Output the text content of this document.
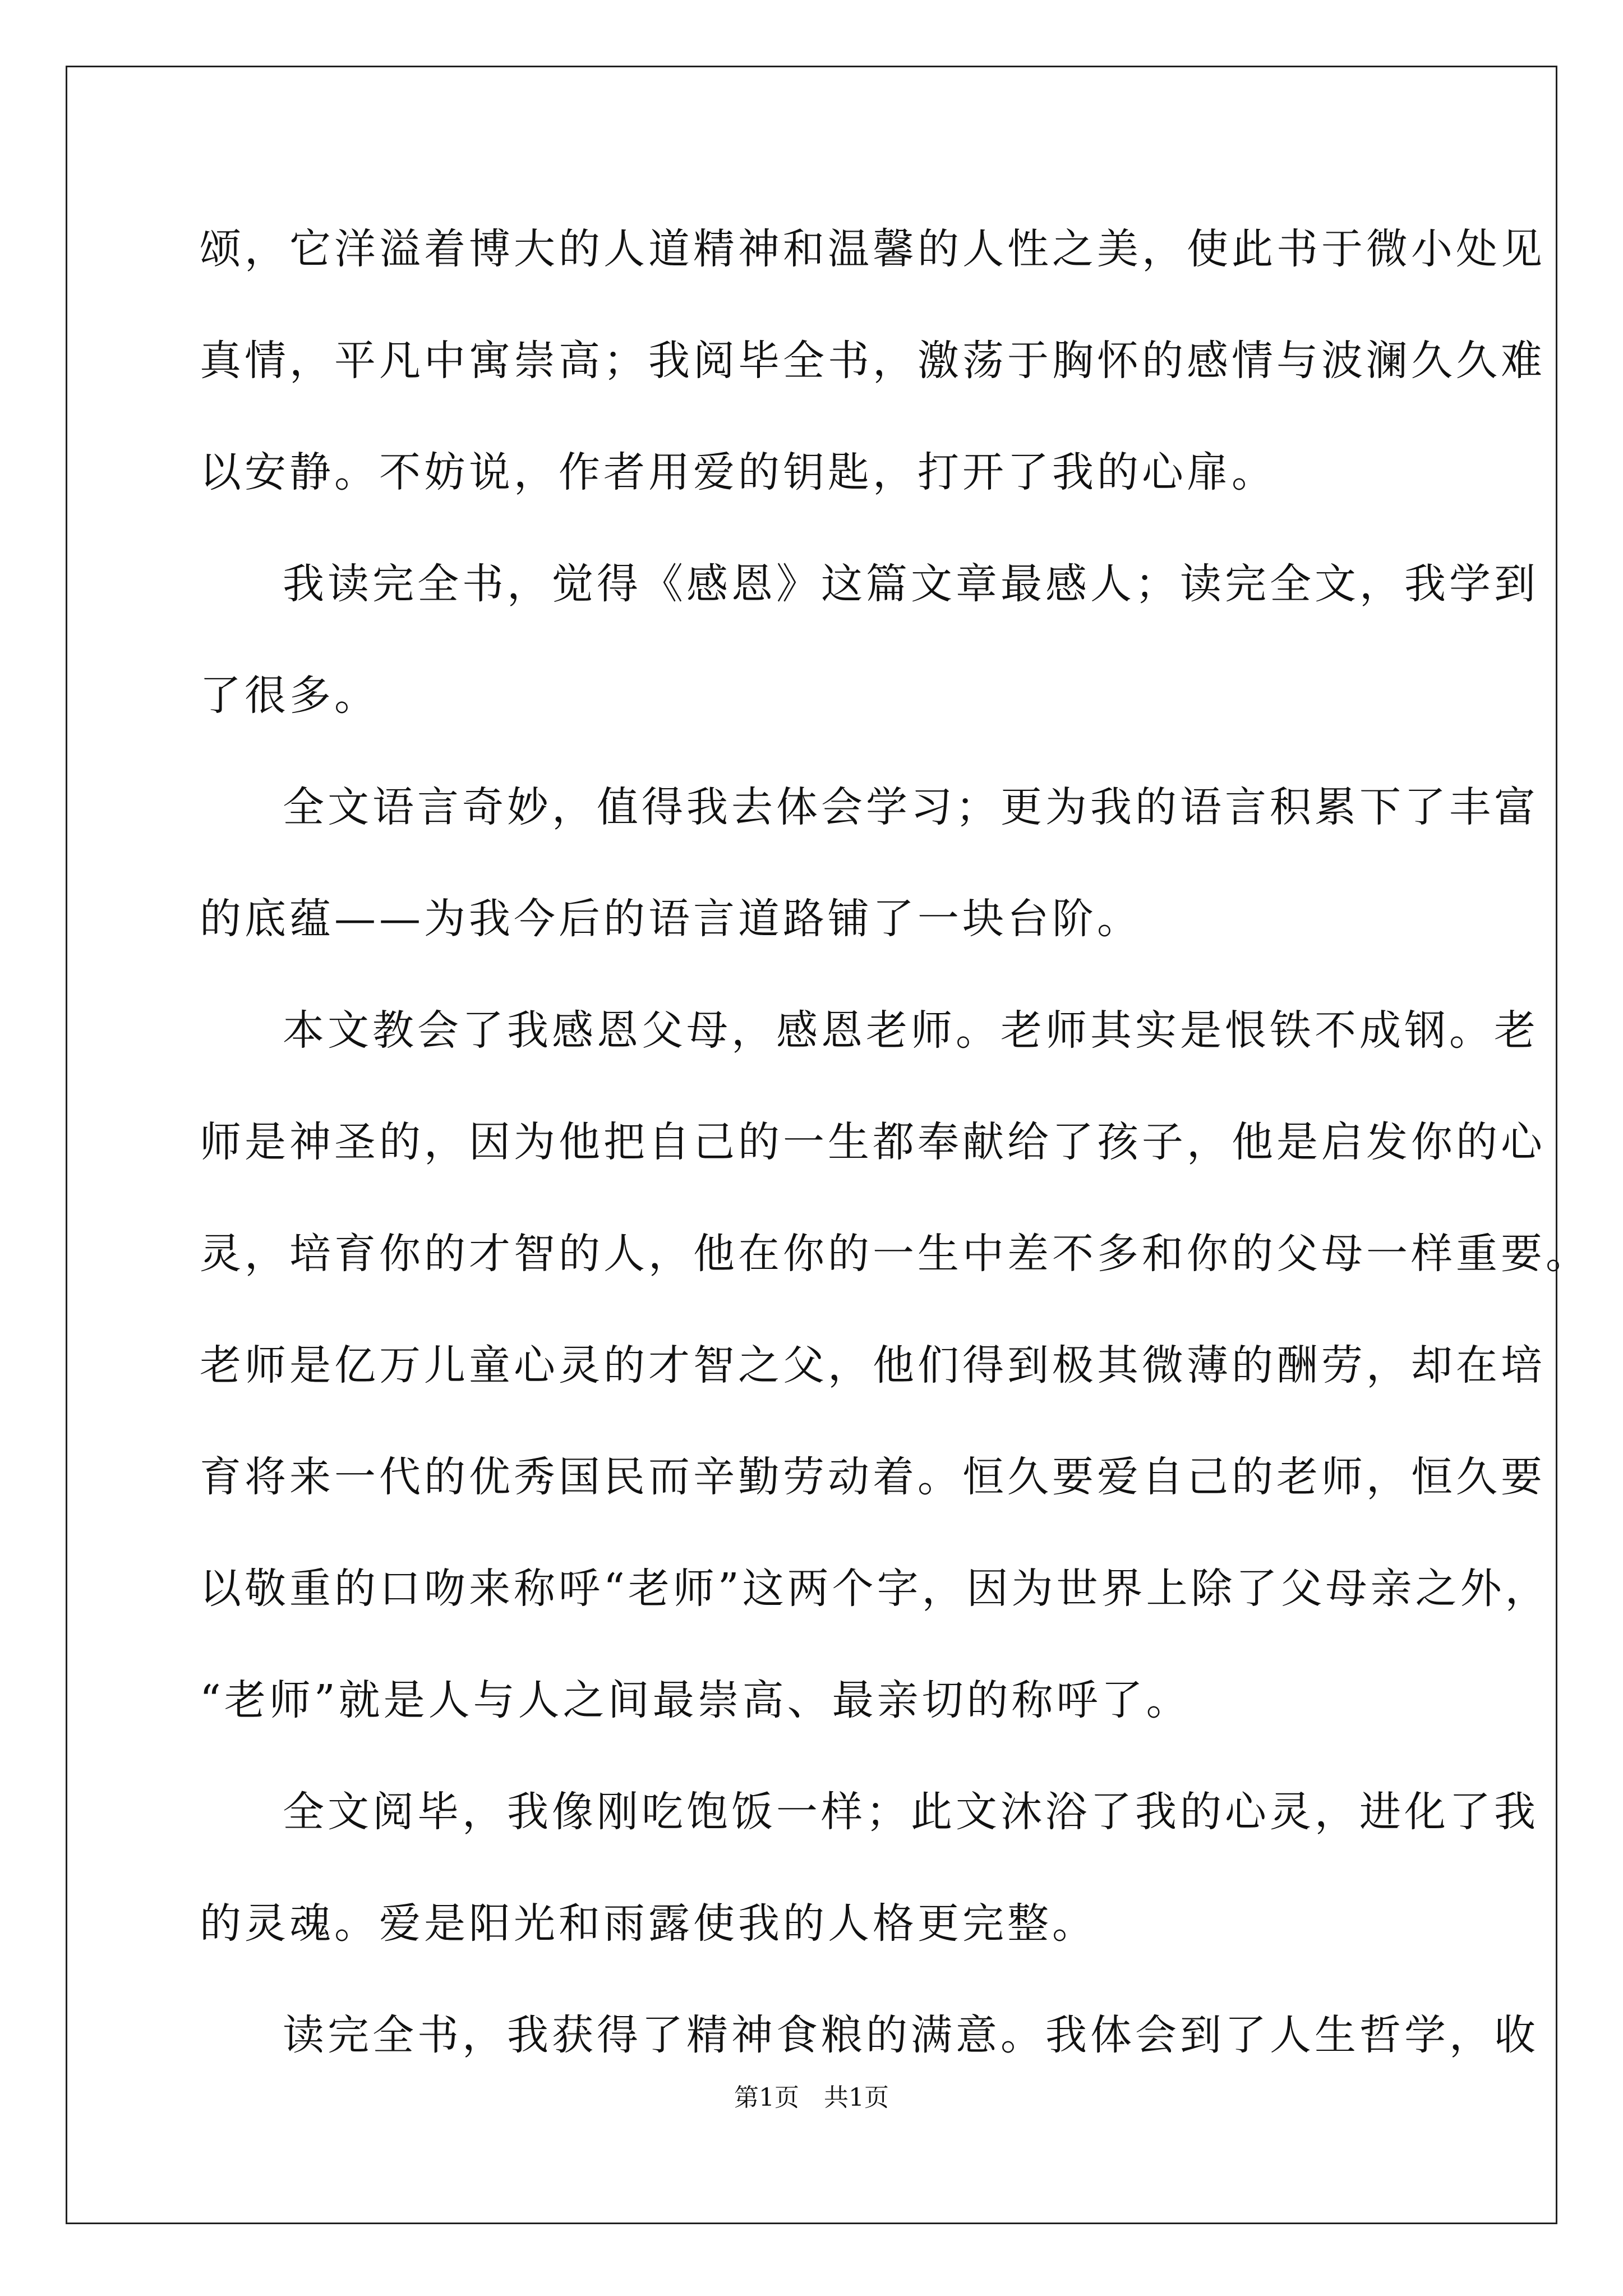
颂，它洋溢着博大的人道精神和温馨的人性之美，使此书于微小处见
真情，平凡中寓崇高；我阅毕全书，激荡于胸怀的感情与波澜久久难
以安静。不妨说，作者用爱的钥匙，打开了我的心扉。
我读完全书，觉得《感恩》这篇文章最感人；读完全文，我学到
了很多。
全文语言奇妙，值得我去体会学习；更为我的语言积累下了丰富
的底蕴——为我今后的语言道路铺了一块台阶。
本文教会了我感恩父母，感恩老师。老师其实是恨铁不成钢。老
师是神圣的，因为他把自己的一生都奉献给了孩子，他是启发你的心
灵，培育你的才智的人，他在你的一生中差不多和你的父母一样重要。
老师是亿万儿童心灵的才智之父，他们得到极其微薄的酬劳，却在培
育将来一代的优秀国民而辛勤劳动着。恒久要爱自己的老师，恒久要
以敬重的口吻来称呼“老师”这两个字，因为世界上除了父母亲之外，
“老师”就是人与人之间最崇高、最亲切的称呼了。
全文阅毕，我像刚吃饱饭一样；此文沐浴了我的心灵，进化了我
的灵魂。爱是阳光和雨露使我的人格更完整。
读完全书，我获得了精神食粮的满意。我体会到了人生哲学，收
第1页　共1页
